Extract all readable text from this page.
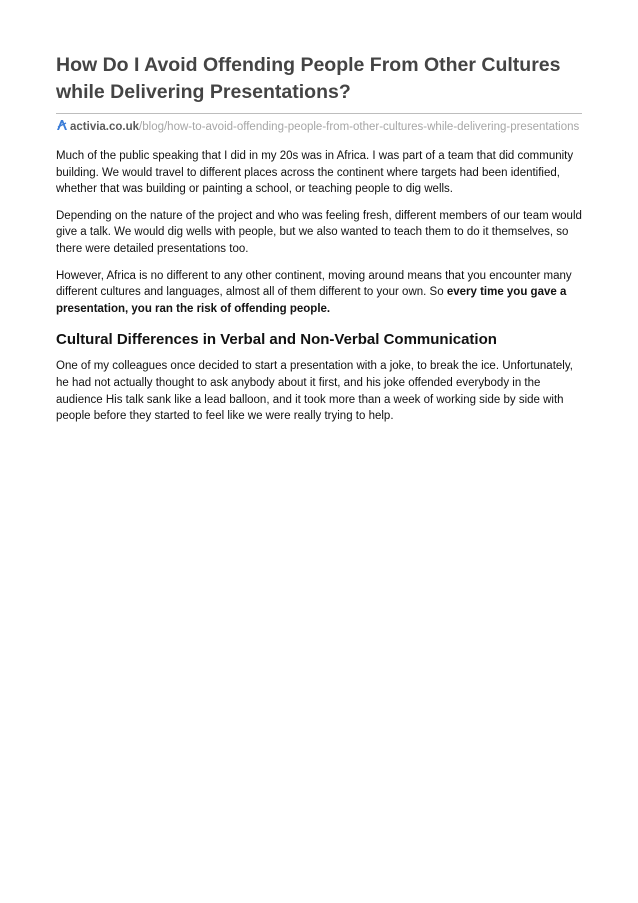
How Do I Avoid Offending People From Other Cultures while Delivering Presentations?
activia.co.uk/blog/how-to-avoid-offending-people-from-other-cultures-while-delivering-presentations

Much of the public speaking that I did in my 20s was in Africa. I was part of a team that did community building. We would travel to different places across the continent where targets had been identified, whether that was building or painting a school, or teaching people to dig wells.

Depending on the nature of the project and who was feeling fresh, different members of our team would give a talk. We would dig wells with people, but we also wanted to teach them to do it themselves, so there were detailed presentations too.

However, Africa is no different to any other continent, moving around means that you encounter many different cultures and languages, almost all of them different to your own. So every time you gave a presentation, you ran the risk of offending people.

Cultural Differences in Verbal and Non-Verbal Communication

One of my colleagues once decided to start a presentation with a joke, to break the ice. Unfortunately, he had not actually thought to ask anybody about it first, and his joke offended everybody in the audience His talk sank like a lead balloon, and it took more than a week of working side by side with people before they started to feel like we were really trying to help.
